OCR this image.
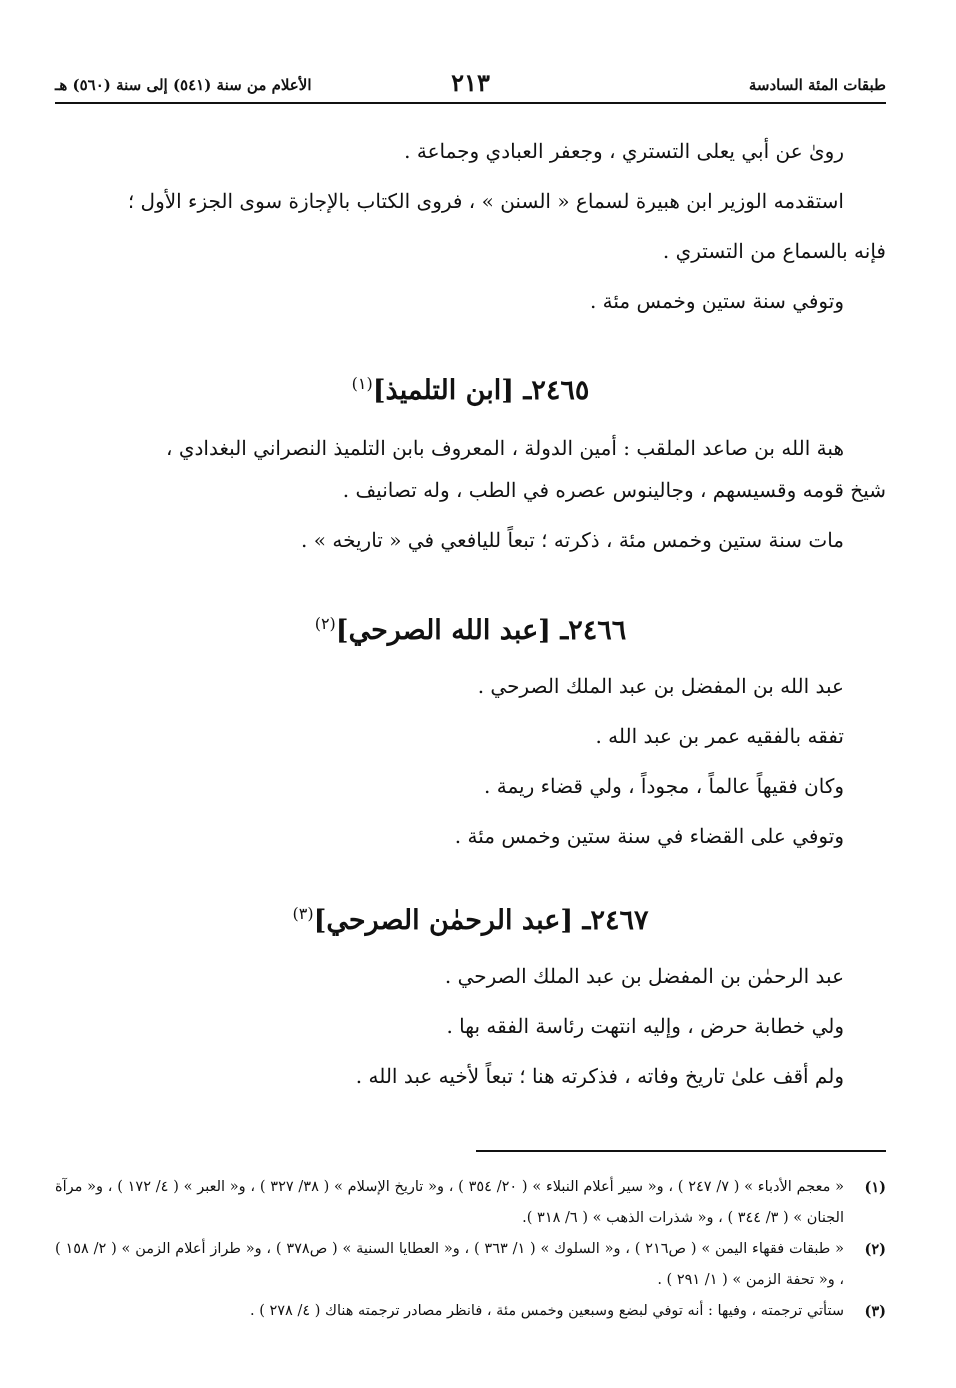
طبقات المئة السادسة
٢١٣
الأعلام من سنة (٥٤١) إلى سنة (٥٦٠) هـ

رویٰ عن أبي یعلی التستري ، وجعفر العبادي وجماعة .

استقدمه الوزیر ابن هبیرة لسماع « السنن » ، فروی الکتاب بالإجازة سوی الجزء الأول ؛

فإنه بالسماع من التستري .

وتوفي سنة ستین وخمس مئة .

٢٤٦٥ـ [ابن التلمیذ]$^{(١)}$

هبة الله بن صاعد الملقب : أمین الدولة ، المعروف بابن التلمیذ النصراني البغدادي ،

شیخ قومه وقسیسهم ، وجالینوس عصره في الطب ، وله تصانیف .

مات سنة ستین وخمس مئة ، ذکرته ؛ تبعاً للیافعي في « تاریخه » .

٢٤٦٦ـ [عبد الله الصرحي]$^{(٢)}$

عبد الله بن المفضل بن عبد الملك الصرحي .

تفقه بالفقیه عمر بن عبد الله .

وکان فقیهاً عالماً ، مجوداً ، ولي قضاء ریمة .

وتوفي علی القضاء في سنة ستین وخمس مئة .

٢٤٦٧ـ [عبد الرحمٰن الصرحي]$^{(٣)}$

عبد الرحمٰن بن المفضل بن عبد الملك الصرحي .

ولي خطابة حرض ، وإلیه انتهت رئاسة الفقه بها .

ولم أقف علیٰ تاریخ وفاته ، فذکرته هنا ؛ تبعاً لأخیه عبد الله .

(١)
« معجم الأدباء » ( ٧/ ٢٤٧ ) ، و« سیر أعلام النبلاء » ( ٢٠/ ٣٥٤ ) ، و« تاریخ الإسلام » ( ٣٨/ ٣٢٧ ) ، و« العبر » ( ٤/ ١٧٢ ) ، و« مرآة الجنان » ( ٣/ ٣٤٤ ) ، و« شذرات الذهب » ( ٦/ ٣١٨ ).
(٢)
« طبقات فقهاء الیمن » ( ص٢١٦ ) ، و« السلوك » ( ١/ ٣٦٣ ) ، و« العطایا السنیة » ( ص٣٧٨ ) ، و« طراز أعلام الزمن » ( ٢/ ١٥٨ ) ، و« تحفة الزمن » ( ١/ ٢٩١ ) .
(٣)
ستأتي ترجمته ، وفیها : أنه توفي لبضع وسبعین وخمس مئة ، فانظر مصادر ترجمته هناك ( ٤/ ٢٧٨ ) .
